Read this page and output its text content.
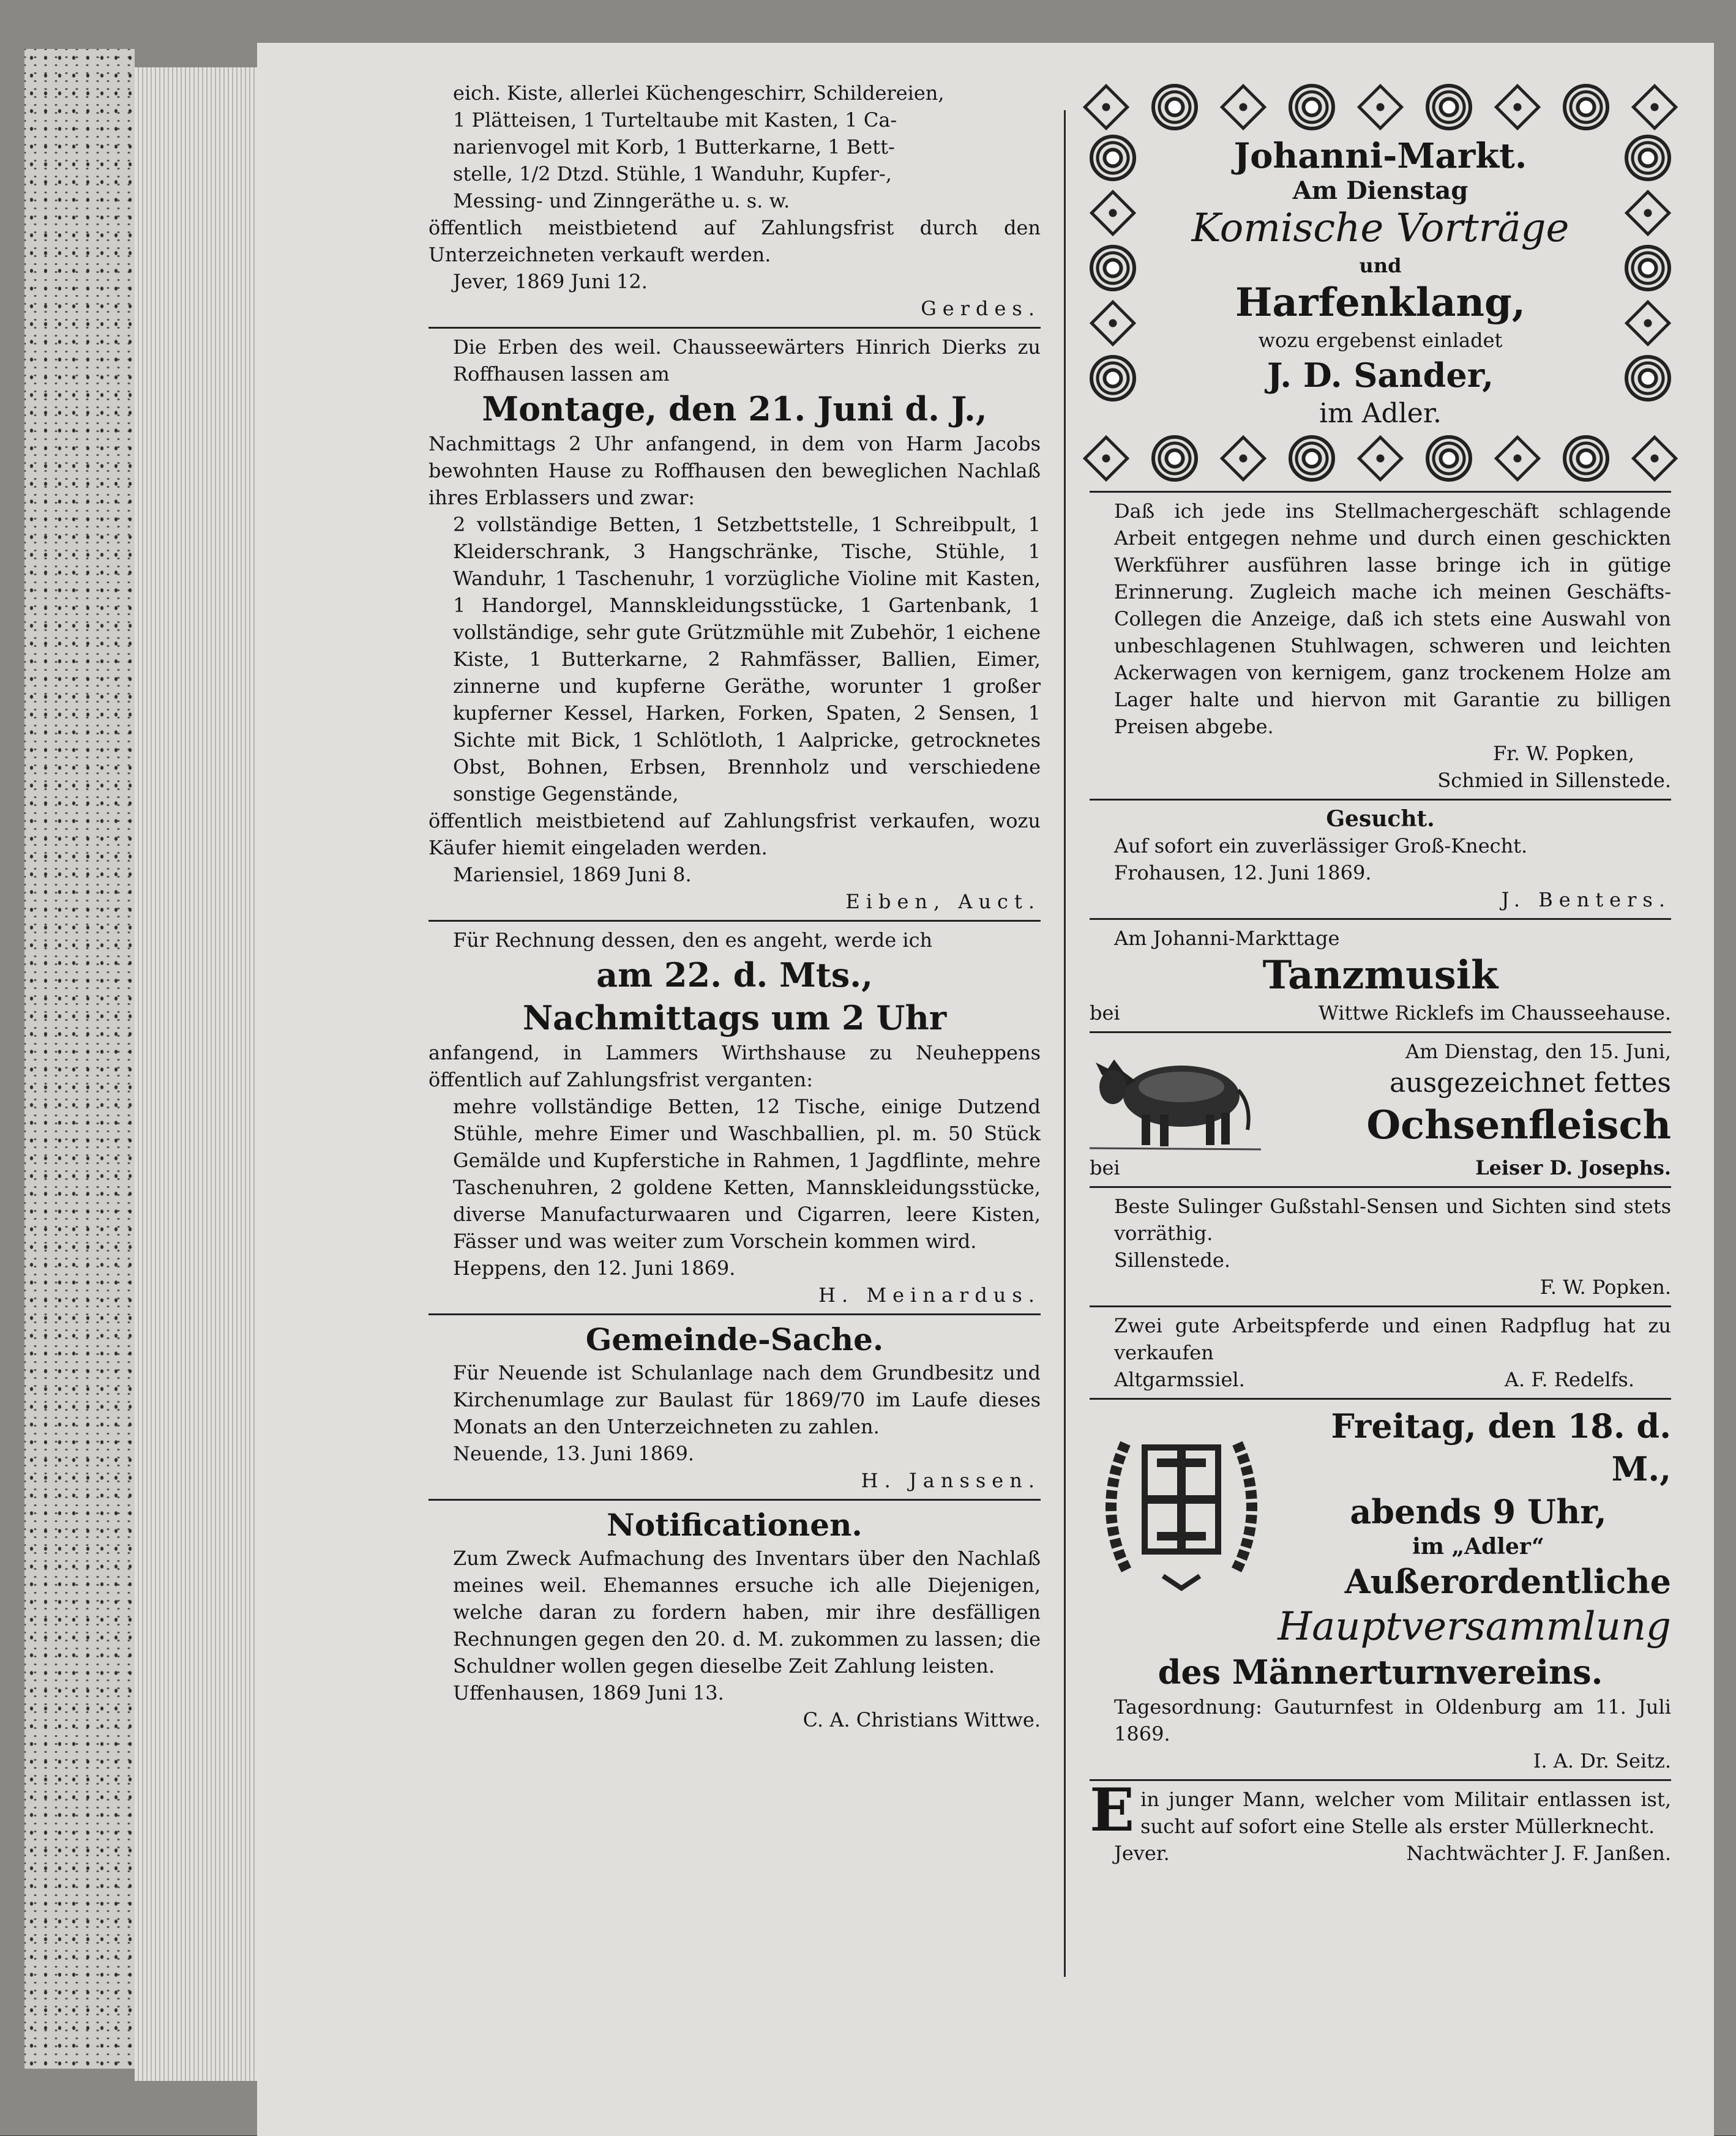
eich. Kiste, allerlei Küchengeschirr, Schildereien,
1 Plätteisen, 1 Turteltaube mit Kasten, 1 Ca-
narienvogel mit Korb, 1 Butterkarne, 1 Bett-
stelle, 1/2 Dtzd. Stühle, 1 Wanduhr, Kupfer-,
Messing- und Zinngeräthe u. s. w.

öffentlich meistbietend auf Zahlungsfrist durch den Unterzeichneten verkauft werden.

Jever, 1869 Juni 12.
Gerdes.

Die Erben des weil. Chausseewärters Hinrich Dierks zu Roffhausen lassen am

Montage, den 21. Juni d. J.,

Nachmittags 2 Uhr anfangend, in dem von Harm Jacobs bewohnten Hause zu Roffhausen den beweglichen Nachlaß ihres Erblassers und zwar:

2 vollständige Betten, 1 Setzbettstelle, 1 Schreibpult, 1 Kleiderschrank, 3 Hangschränke, Tische, Stühle, 1 Wanduhr, 1 Taschenuhr, 1 vorzügliche Violine mit Kasten, 1 Handorgel, Mannskleidungsstücke, 1 Gartenbank, 1 vollständige, sehr gute Grützmühle mit Zubehör, 1 eichene Kiste, 1 Butterkarne, 2 Rahmfässer, Ballien, Eimer, zinnerne und kupferne Geräthe, worunter 1 großer kupferner Kessel, Harken, Forken, Spaten, 2 Sensen, 1 Sichte mit Bick, 1 Schlötloth, 1 Aalpricke, getrocknetes Obst, Bohnen, Erbsen, Brennholz und verschiedene sonstige Gegenstände,

öffentlich meistbietend auf Zahlungsfrist verkaufen, wozu Käufer hiemit eingeladen werden.

Mariensiel, 1869 Juni 8.
Eiben, Auct.

Für Rechnung dessen, den es angeht, werde ich

am 22. d. Mts.,
Nachmittags um 2 Uhr

anfangend, in Lammers Wirthshause zu Neuheppens öffentlich auf Zahlungsfrist verganten:

mehre vollständige Betten, 12 Tische, einige Dutzend Stühle, mehre Eimer und Waschballien, pl. m. 50 Stück Gemälde und Kupferstiche in Rahmen, 1 Jagdflinte, mehre Taschenuhren, 2 goldene Ketten, Mannskleidungsstücke, diverse Manufacturwaaren und Cigarren, leere Kisten, Fässer und was weiter zum Vorschein kommen wird.

Heppens, den 12. Juni 1869.
H. Meinardus.
Gemeinde-Sache.

Für Neuende ist Schulanlage nach dem Grundbesitz und Kirchenumlage zur Baulast für 1869/70 im Laufe dieses Monats an den Unterzeichneten zu zahlen.

Neuende, 13. Juni 1869.
H. Janssen.
Notificationen.

Zum Zweck Aufmachung des Inventars über den Nachlaß meines weil. Ehemannes ersuche ich alle Diejenigen, welche daran zu fordern haben, mir ihre desfälligen Rechnungen gegen den 20. d. M. zukommen zu lassen; die Schuldner wollen gegen dieselbe Zeit Zahlung leisten.

Uffenhausen, 1869 Juni 13.
C. A. Christians Wittwe.
Johanni-Markt.
Am Dienstag
Komische Vorträge
und
Harfenklang,
wozu ergebenst einladet
J. D. Sander,
im Adler.

Daß ich jede ins Stellmachergeschäft schlagende Arbeit entgegen nehme und durch einen geschickten Werkführer ausführen lasse bringe ich in gütige Erinnerung. Zugleich mache ich meinen Geschäfts-Collegen die Anzeige, daß ich stets eine Auswahl von unbeschlagenen Stuhlwagen, schweren und leichten Ackerwagen von kernigem, ganz trockenem Holze am Lager halte und hiervon mit Garantie zu billigen Preisen abgebe.

Fr. W. Popken,
Schmied in Sillenstede.
Gesucht.
Auf sofort ein zuverlässiger Groß-Knecht.
Frohausen, 12. Juni 1869.
J. Benters.
Am Johanni-Markttage
Tanzmusik
bei	Wittwe Ricklefs im Chausseehause.
Am Dienstag, den 15. Juni,
ausgezeichnet fettes
Ochsenfleisch
bei	Leiser D. Josephs.

Beste Sulinger Gußstahl-Sensen und Sichten sind stets vorräthig.

Sillenstede.
F. W. Popken.

Zwei gute Arbeitspferde und einen Radpflug hat zu verkaufen

Altgarmssiel.	A. F. Redelfs.
Freitag, den 18. d. M.,
abends 9 Uhr,
im „Adler“
Außerordentliche
Hauptversammlung
des Männerturnvereins.

Tagesordnung: Gauturnfest in Oldenburg am 11. Juli 1869.

I. A. Dr. Seitz.
E in junger Mann, welcher vom Militair entlassen ist, sucht auf sofort eine Stelle als erster Müllerknecht.

Jever.	Nachtwächter J. F. Janßen.
